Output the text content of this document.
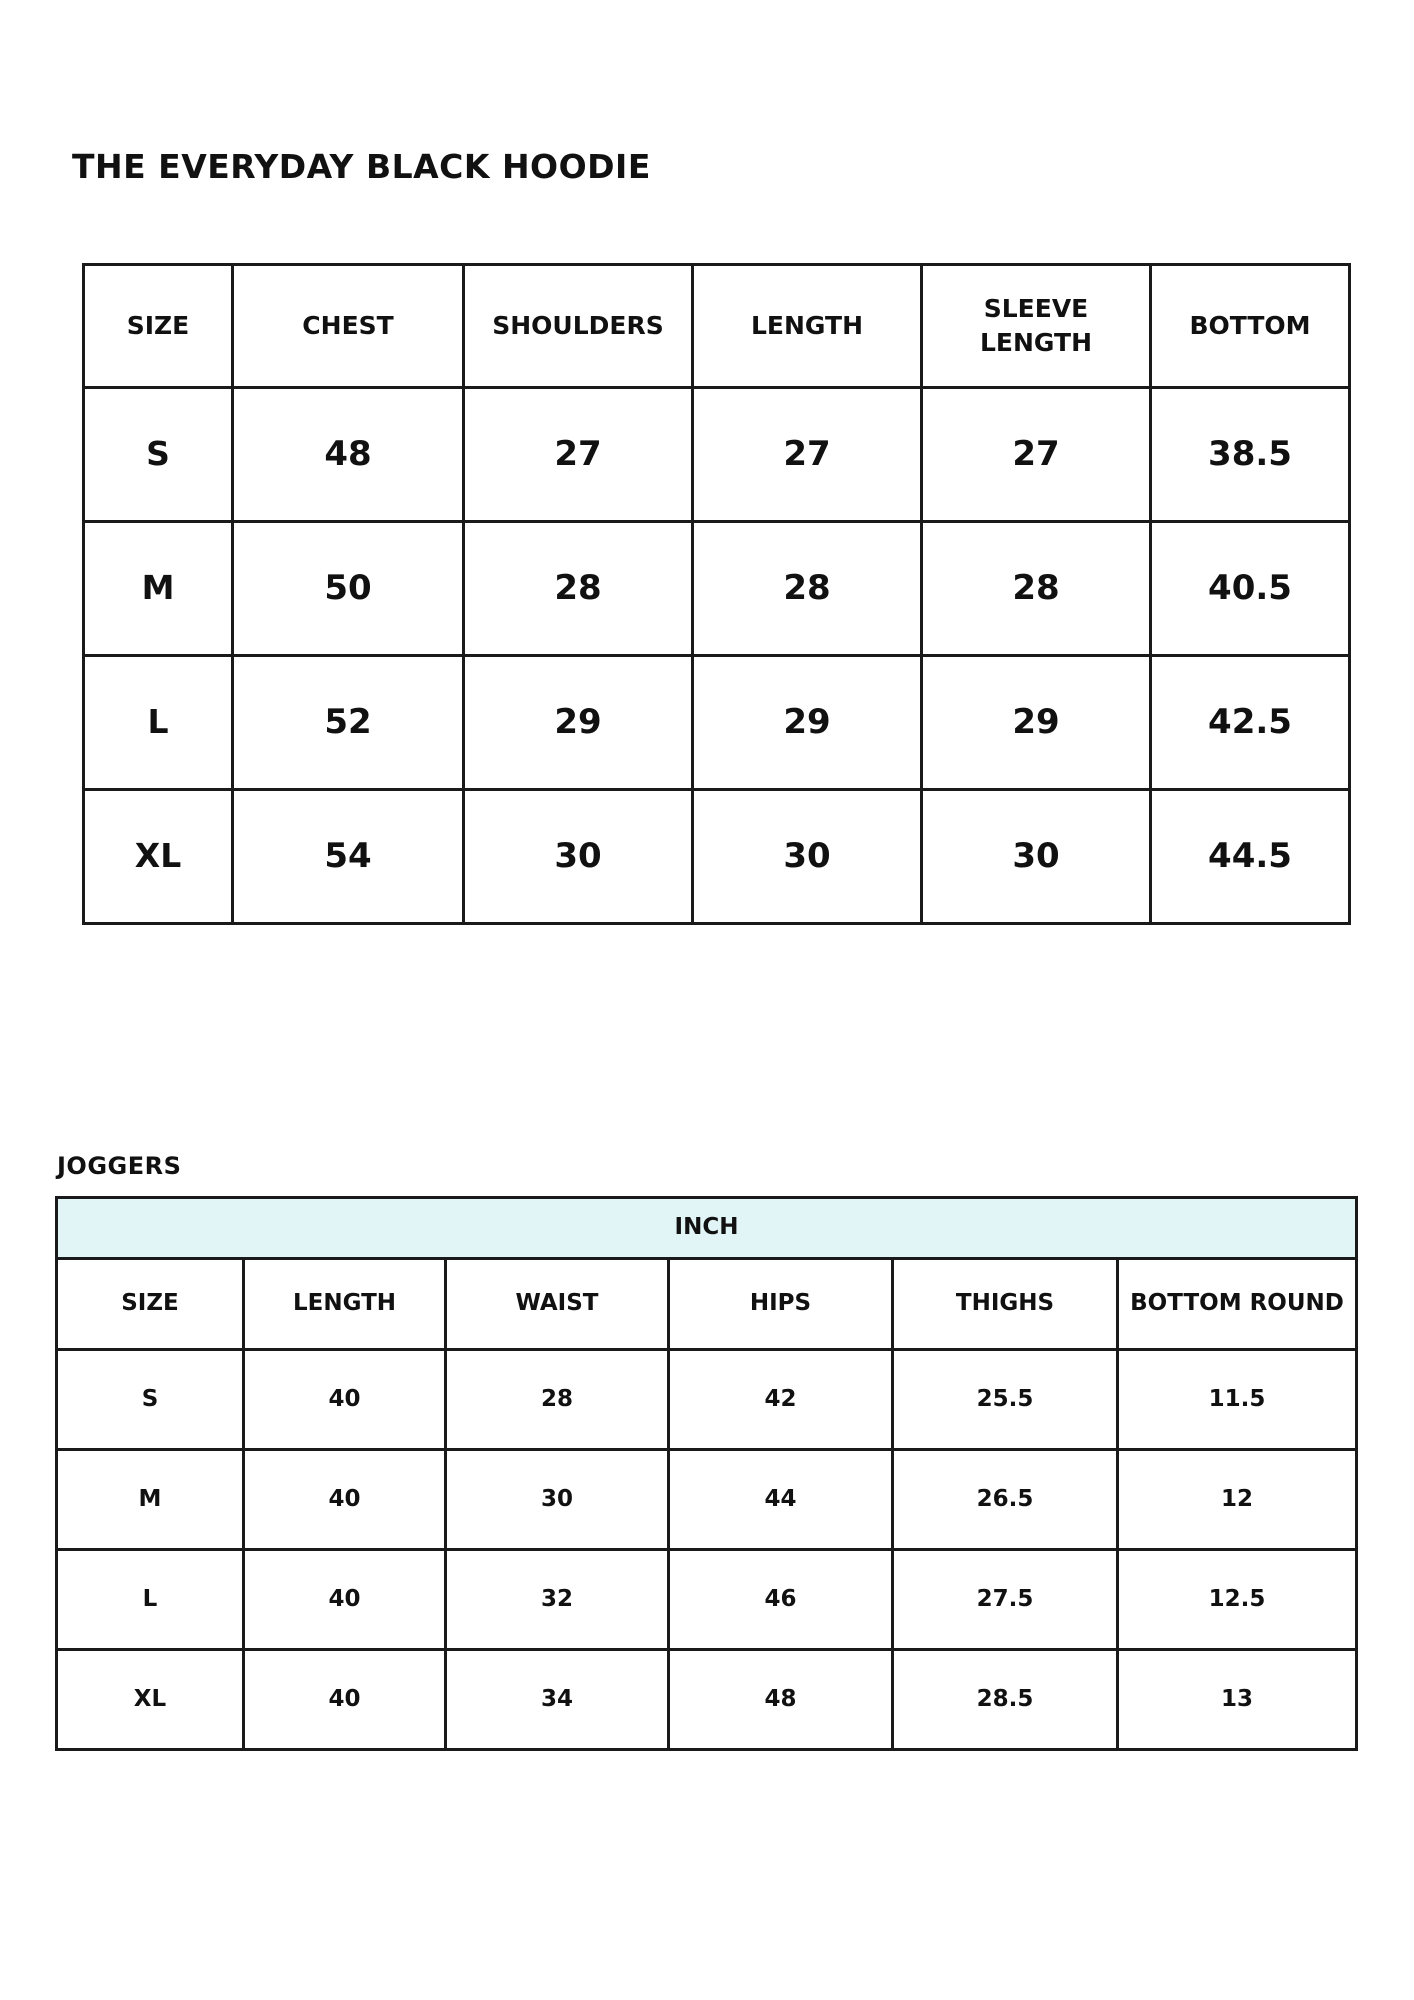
THE EVERYDAY BLACK HOODIE
SIZE	CHEST	SHOULDERS	LENGTH	SLEEVE LENGTH	BOTTOM
S	48	27	27	27	38.5
M	50	28	28	28	40.5
L	52	29	29	29	42.5
XL	54	30	30	30	44.5
JOGGERS
INCH					
SIZE	LENGTH	WAIST	HIPS	THIGHS	BOTTOM ROUND
S	40	28	42	25.5	11.5
M	40	30	44	26.5	12
L	40	32	46	27.5	12.5
XL	40	34	48	28.5	13
